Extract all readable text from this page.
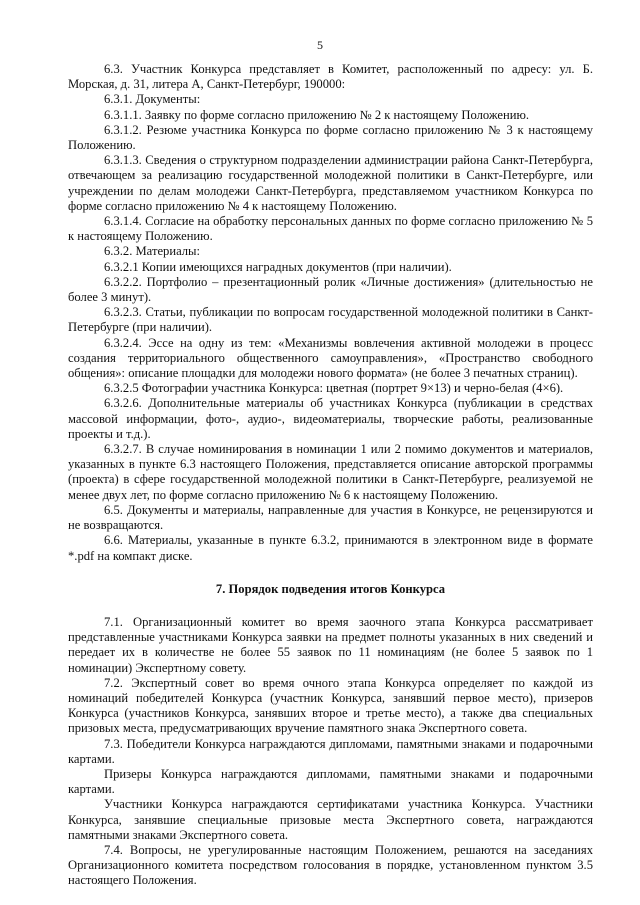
5

6.3. Участник Конкурса представляет в Комитет, расположенный по адресу: ул. Б. Морская, д. 31, литера А, Санкт-Петербург, 190000:

6.3.1. Документы:

6.3.1.1. Заявку по форме согласно приложению № 2 к настоящему Положению.

6.3.1.2. Резюме участника Конкурса по форме согласно приложению № 3 к настоящему Положению.

6.3.1.3. Сведения о структурном подразделении администрации района Санкт-Петербурга, отвечающем за реализацию государственной молодежной политики в Санкт-Петербурге, или учреждении по делам молодежи Санкт-Петербурга, представляемом участником Конкурса по форме согласно приложению № 4 к настоящему Положению.

6.3.1.4. Согласие на обработку персональных данных по форме согласно приложению № 5 к настоящему Положению.

6.3.2. Материалы:

6.3.2.1 Копии имеющихся наградных документов (при наличии).

6.3.2.2. Портфолио – презентационный ролик «Личные достижения» (длительностью не более 3 минут).

6.3.2.3. Статьи, публикации по вопросам государственной молодежной политики в Санкт-Петербурге (при наличии).

6.3.2.4. Эссе на одну из тем: «Механизмы вовлечения активной молодежи в процесс создания территориального общественного самоуправления», «Пространство свободного общения»: описание площадки для молодежи нового формата» (не более 3 печатных страниц).

6.3.2.5 Фотографии участника Конкурса: цветная (портрет 9×13) и черно-белая (4×6).

6.3.2.6. Дополнительные материалы об участниках Конкурса (публикации в средствах массовой информации, фото-, аудио-, видеоматериалы, творческие работы, реализованные проекты и т.д.).

6.3.2.7. В случае номинирования в номинации 1 или 2 помимо документов и материалов, указанных в пункте 6.3 настоящего Положения, представляется описание авторской программы (проекта) в сфере государственной молодежной политики в Санкт-Петербурге, реализуемой не менее двух лет, по форме согласно приложению № 6 к настоящему Положению.

6.5. Документы и материалы, направленные для участия в Конкурсе, не рецензируются и не возвращаются.

6.6. Материалы, указанные в пункте 6.3.2, принимаются в электронном виде в формате *.pdf на компакт диске.

7. Порядок подведения итогов Конкурса

7.1. Организационный комитет во время заочного этапа Конкурса рассматривает представленные участниками Конкурса заявки на предмет полноты указанных в них сведений и передает их в количестве не более 55 заявок по 11 номинациям (не более 5 заявок по 1 номинации) Экспертному совету.

7.2. Экспертный совет во время очного этапа Конкурса определяет по каждой из номинаций победителей Конкурса (участник Конкурса, занявший первое место), призеров Конкурса (участников Конкурса, занявших второе и третье место), а также два специальных призовых места, предусматривающих вручение памятного знака Экспертного совета.

7.3. Победители Конкурса награждаются дипломами, памятными знаками и подарочными картами.

Призеры Конкурса награждаются дипломами, памятными знаками и подарочными картами.

Участники Конкурса награждаются сертификатами участника Конкурса. Участники Конкурса, занявшие специальные призовые места Экспертного совета, награждаются памятными знаками Экспертного совета.

7.4. Вопросы, не урегулированные настоящим Положением, решаются на заседаниях Организационного комитета посредством голосования в порядке, установленном пунктом 3.5 настоящего Положения.
